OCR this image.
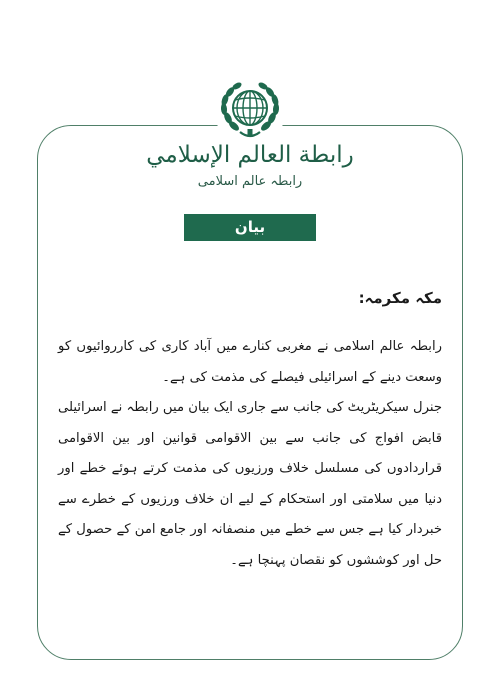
رابطة العالم الإسلامي
رابطہ عالم اسلامی
بیان
مکہ مکرمہ:

رابطہ عالم اسلامی نے مغربی کنارے میں آباد کاری کی کارروائیوں کو وسعت دینے کے اسرائیلی فیصلے کی مذمت کی ہے۔

جنرل سیکریٹریٹ کی جانب سے جاری ایک بیان میں رابطہ نے اسرائیلی قابض افواج کی جانب سے بین الاقوامی قوانین اور بین الاقوامی قراردادوں کی مسلسل خلاف ورزیوں کی مذمت کرتے ہوئے خطے اور دنیا میں سلامتی اور استحکام کے لیے ان خلاف ورزیوں کے خطرے سے خبردار کیا ہے جس سے خطے میں منصفانہ اور جامع امن کے حصول کے حل اور کوششوں کو نقصان پہنچا ہے۔
